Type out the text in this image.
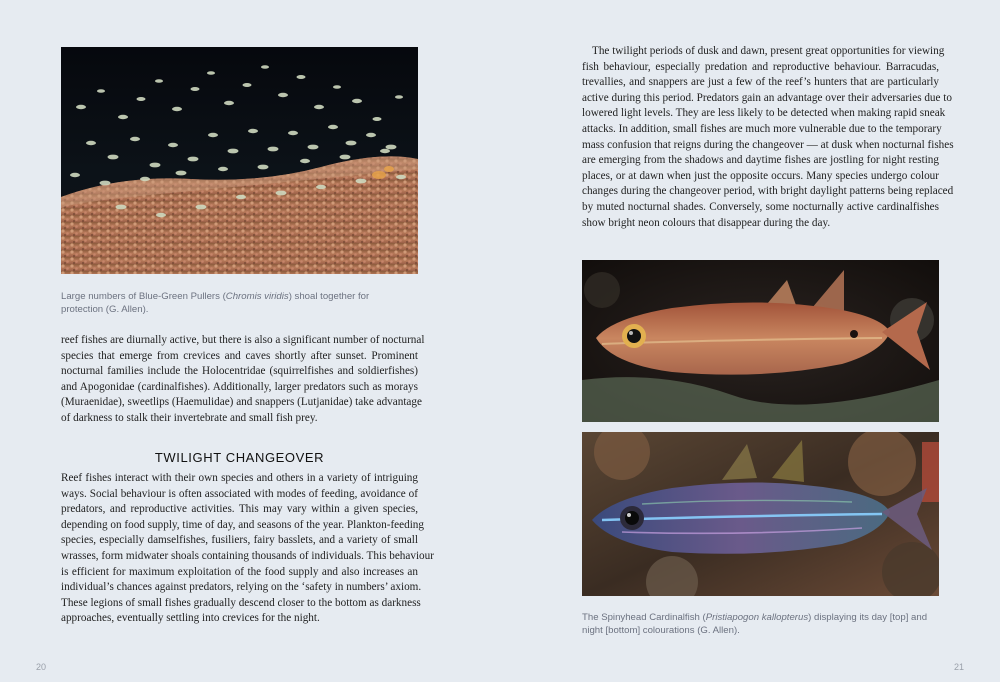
Large numbers of Blue-Green Pullers (Chromis viridis) shoal together for protection (G. Allen).

reef fishes are diurnally active, but there is also a significant number of nocturnal
species that emerge from crevices and caves shortly after sunset. Prominent
nocturnal families include the Holocentridae (squirrelfishes and soldierfishes)
and Apogonidae (cardinalfishes). Additionally, larger predators such as morays
(Muraenidae), sweetlips (Haemulidae) and snappers (Lutjanidae) take advantage
of darkness to stalk their invertebrate and small fish prey.

TWILIGHT CHANGEOVER

Reef fishes interact with their own species and others in a variety of intriguing
ways. Social behaviour is often associated with modes of feeding, avoidance of
predators, and reproductive activities. This may vary within a given species,
depending on food supply, time of day, and seasons of the year. Plankton-feeding
species, especially damselfishes, fusiliers, fairy basslets, and a variety of small
wrasses, form midwater shoals containing thousands of individuals. This behaviour
is efficient for maximum exploitation of the food supply and also increases an
individual’s chances against predators, relying on the ‘safety in numbers’ axiom.
These legions of small fishes gradually descend closer to the bottom as darkness
approaches, eventually settling into crevices for the night.

20

The twilight periods of dusk and dawn, present great opportunities for viewing
fish behaviour, especially predation and reproductive behaviour. Barracudas,
trevallies, and snappers are just a few of the reef’s hunters that are particularly
active during this period. Predators gain an advantage over their adversaries due to
lowered light levels. They are less likely to be detected when making rapid sneak
attacks. In addition, small fishes are much more vulnerable due to the temporary
mass confusion that reigns during the changeover — at dusk when nocturnal fishes
are emerging from the shadows and daytime fishes are jostling for night resting
places, or at dawn when just the opposite occurs. Many species undergo colour
changes during the changeover period, with bright daylight patterns being replaced
by muted nocturnal shades. Conversely, some nocturnally active cardinalfishes
show bright neon colours that disappear during the day.

The Spinyhead Cardinalfish (Pristiapogon kallopterus) displaying its day [top] and night [bottom] colourations (G. Allen).

21
